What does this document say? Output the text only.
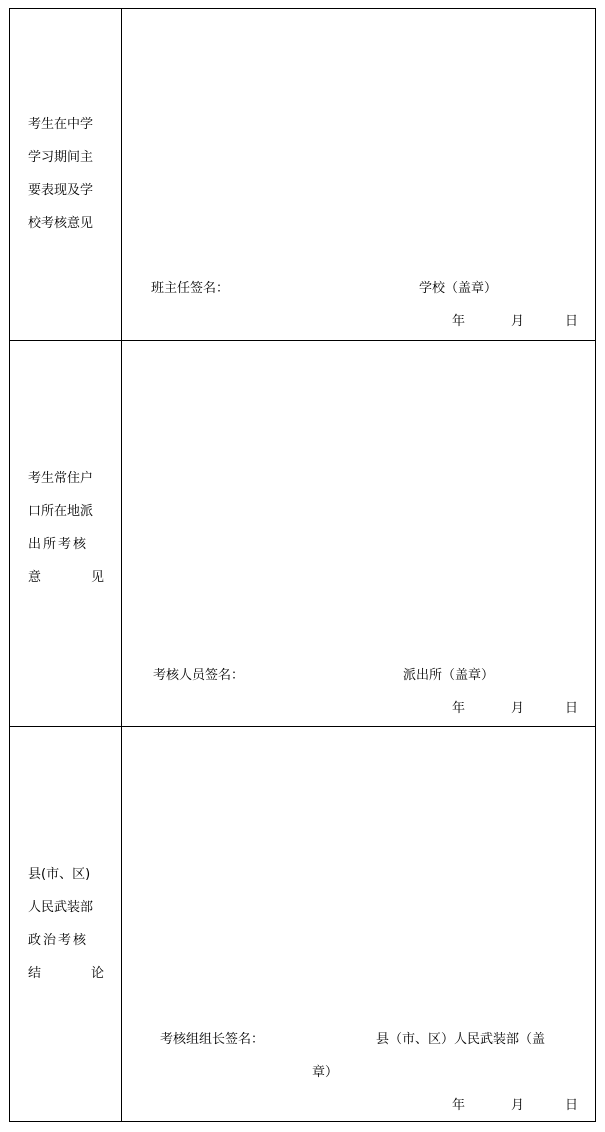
考生在中学
学习期间主
要表现及学
校考核意见
班主任签名：	学校（盖章）
年	月	日
考生常住户
口所在地派
出所考核
意	见
考核人员签名：	派出所（盖章）
年	月	日
县(市、区)
人民武装部
政治考核
结	论
考核组组长签名：	县（市、区）人民武装部（盖
章）
年	月	日
